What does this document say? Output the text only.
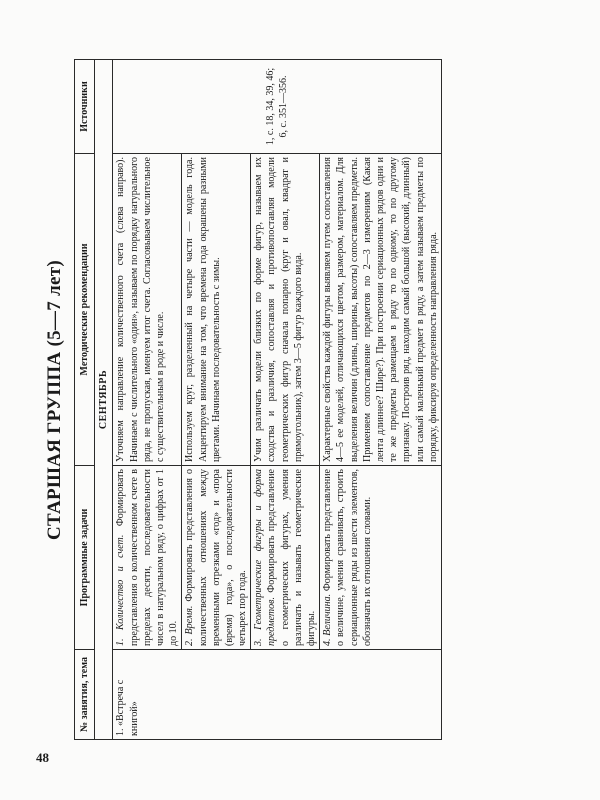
48
СТАРШАЯ ГРУППА (5—7 лет)
№ занятия, тема	Программные задачи	Методические рекомендации	Источники
СЕНТЯБРЬ			
1. «Встреча с книгой»	1. Количество и счет. Формировать представления о количественном счете в пределах десяти, последовательности чисел в натуральном ряду, о цифрах от 1 до 10.	Уточняем направление количественного счета (слева направо). Начинаем с числительного «один», называем по порядку натурального ряда, не пропуская, именуем итог счета. Согласовываем числительное с существительным в роде и числе.	1, с. 18, 34, 39, 46; 6, с. 351—356.
	2. Время. Формировать представления о количественных отношениях между временными отрезками «год» и «пора (время) года», о последовательности четырех пор года.	Используем круг, разделенный на четыре части — модель года. Акцентируем внимание на том, что времена года окрашены разными цветами. Начинаем последовательность с зимы.	
	3. Геометрические фигуры и форма предметов. Формировать представление о геометрических фигурах, умения различать и называть геометрические фигуры.	Учим различать модели близких по форме фигур, называем их сходства и различия, сопоставляя и противопоставляя модели геометрических фигур сначала попарно (круг и овал, квадрат и прямоугольник), затем 3—5 фигур каждого вида.	
	4. Величина. Формировать представление о величине, умения сравнивать, строить сериационные ряды из шести элементов, обозначать их отношения словами.	Характерные свойства каждой фигуры выявляем путем сопоставления 4—5 ее моделей, отличающихся цветом, размером, материалом. Для выделения величин (длины, ширины, высоты) сопоставляем предметы. Применяем сопоставление предметов по 2—3 измерениям (Какая лента длиннее? Шире?). При построении сериационных рядов одни и те же предметы размещаем в ряду то по одному, то по другому признаку. Построив ряд, находим самый большой (высокий, длинный) или самый маленький предмет в ряду, а затем называем предметы по порядку, фиксируя определенность направления ряда.	
